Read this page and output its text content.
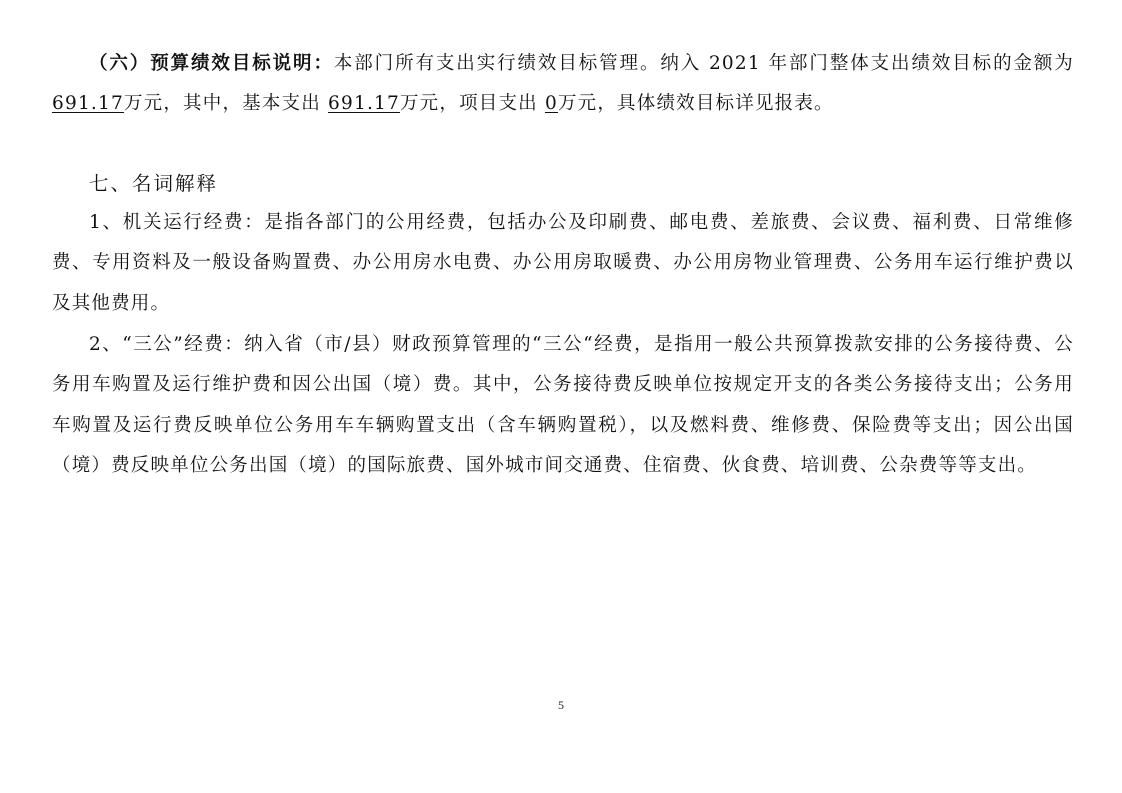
（六）预算绩效目标说明：本部门所有支出实行绩效目标管理。纳入 2021 年部门整体支出绩效目标的金额为 691.17万元，其中，基本支出 691.17万元，项目支出 0万元，具体绩效目标详见报表。

七、名词解释

1、机关运行经费：是指各部门的公用经费，包括办公及印刷费、邮电费、差旅费、会议费、福利费、日常维修费、专用资料及一般设备购置费、办公用房水电费、办公用房取暖费、办公用房物业管理费、公务用车运行维护费以及其他费用。

2、“三公”经费：纳入省（市/县）财政预算管理的“三公“经费，是指用一般公共预算拨款安排的公务接待费、公务用车购置及运行维护费和因公出国（境）费。其中，公务接待费反映单位按规定开支的各类公务接待支出；公务用车购置及运行费反映单位公务用车车辆购置支出（含车辆购置税），以及燃料费、维修费、保险费等支出；因公出国（境）费反映单位公务出国（境）的国际旅费、国外城市间交通费、住宿费、伙食费、培训费、公杂费等等支出。

5
